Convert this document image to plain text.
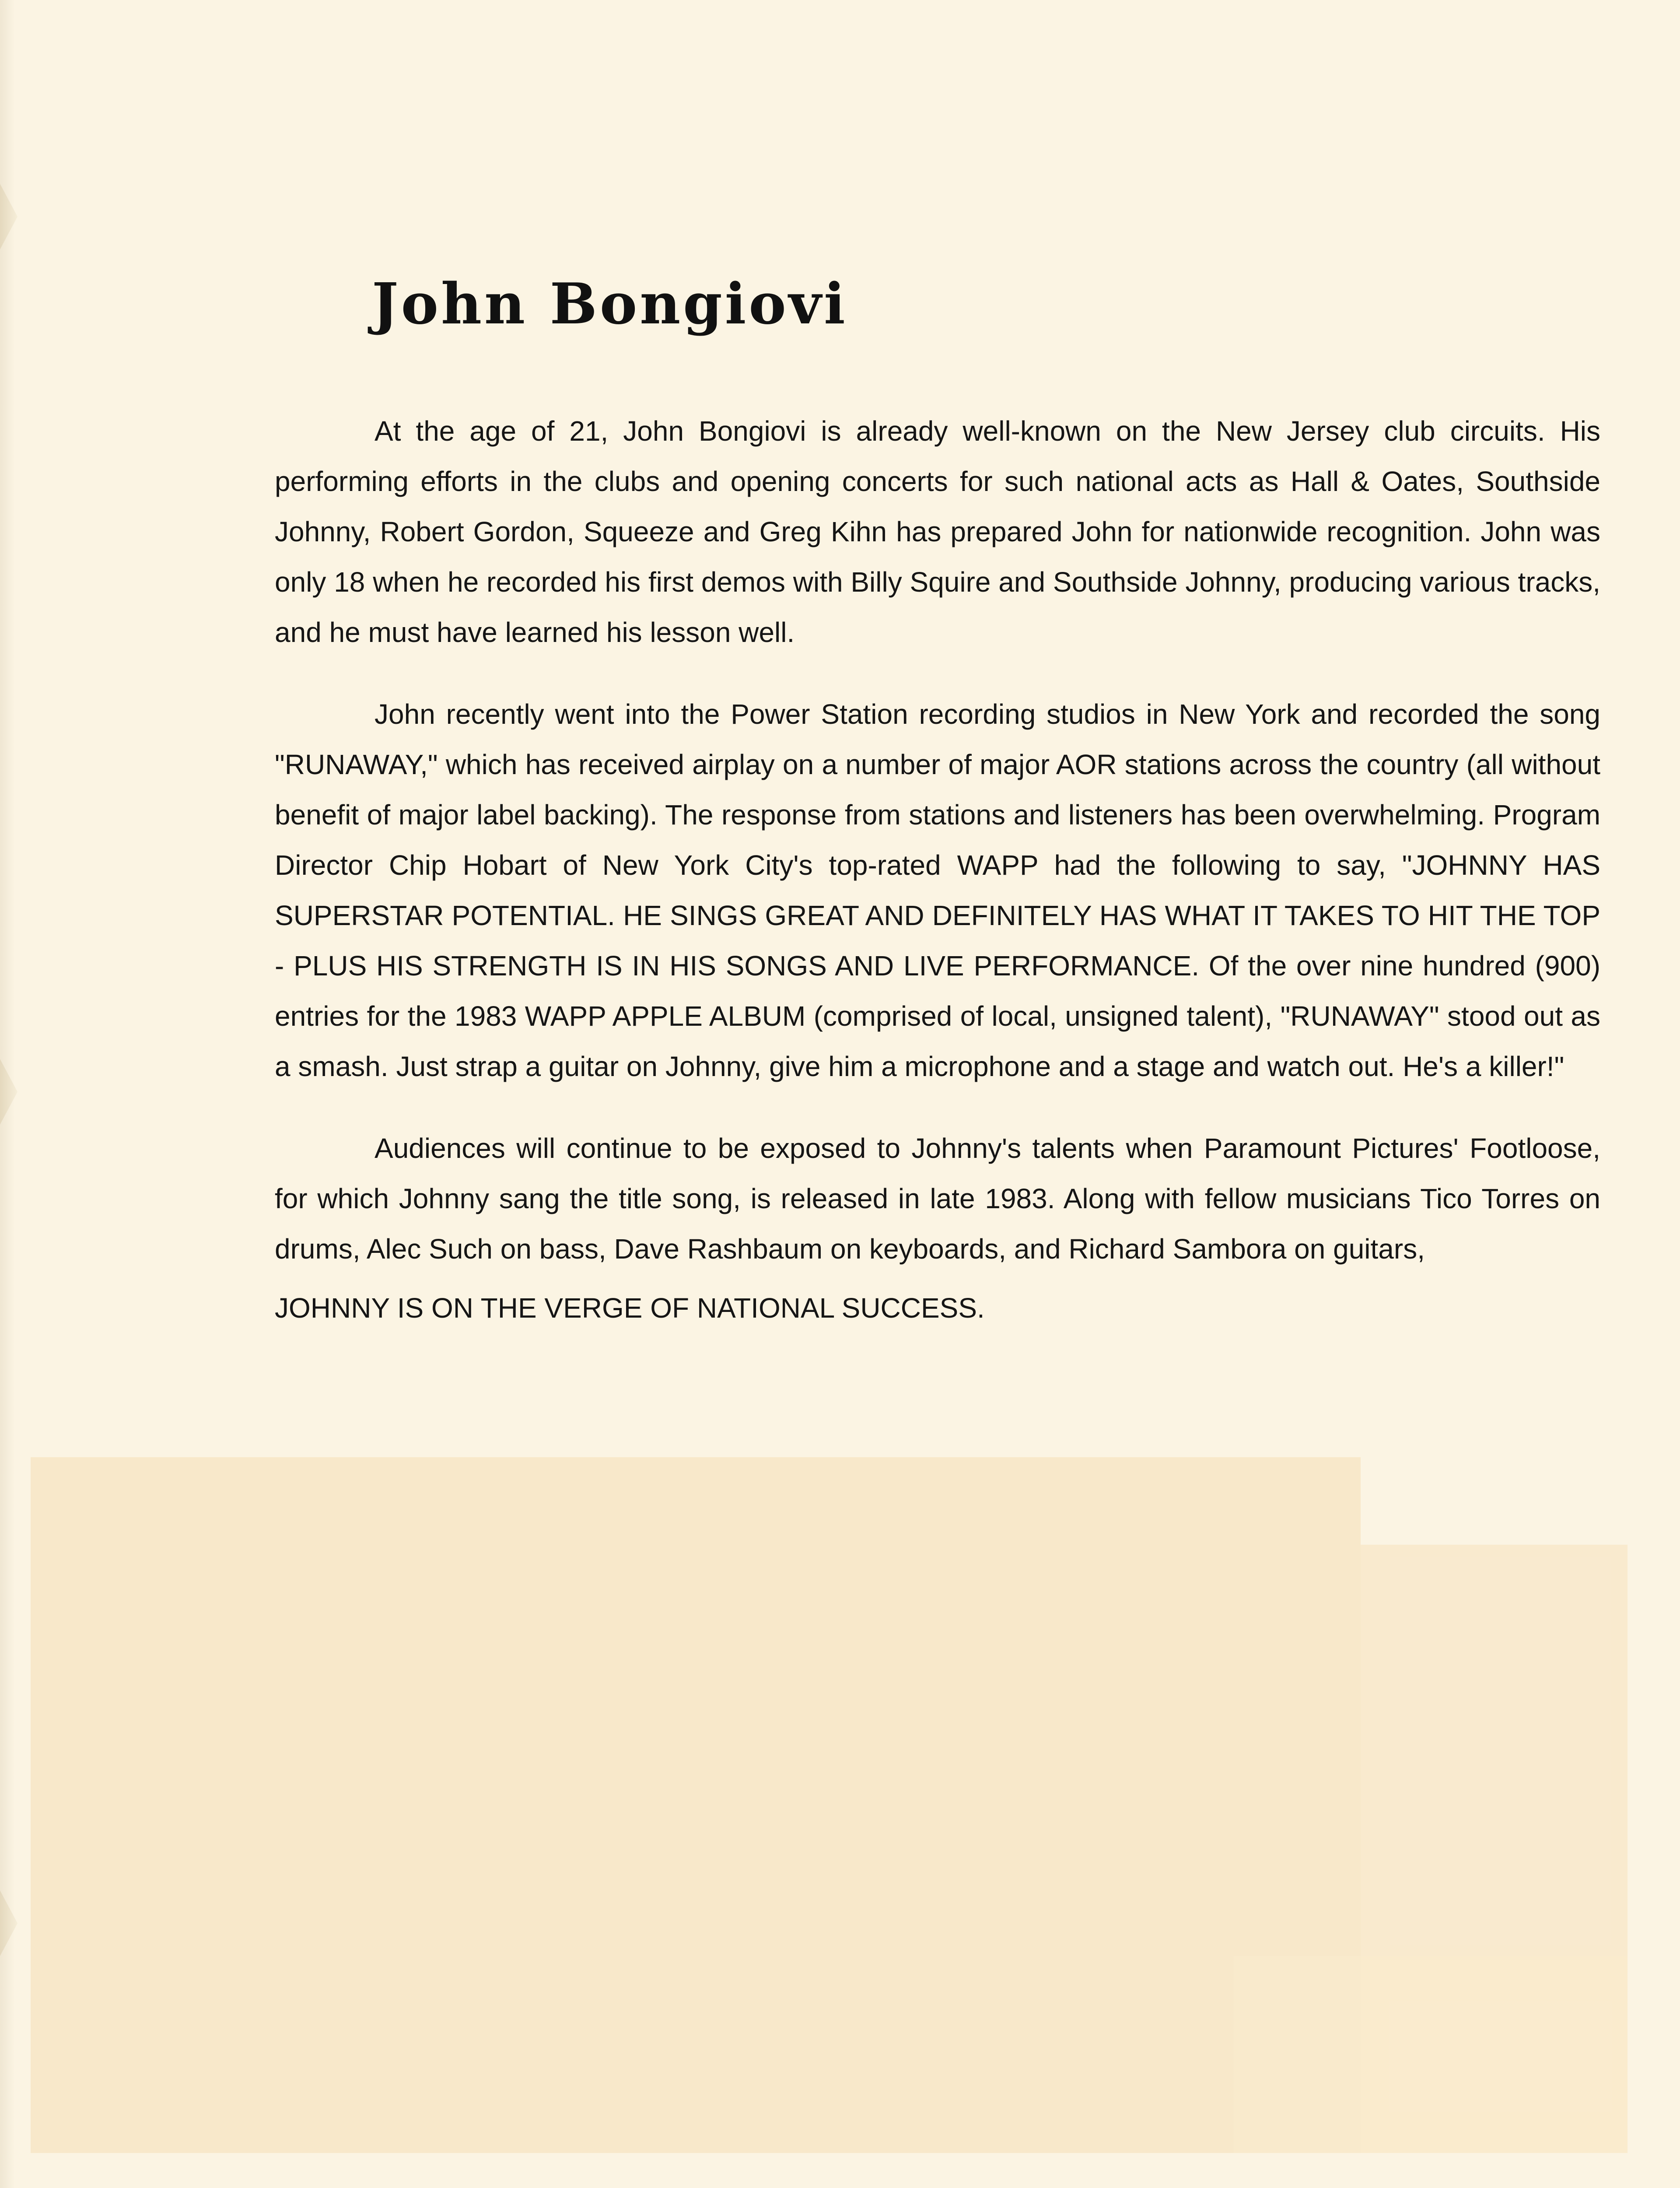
John Bongiovi

At the age of 21, John Bongiovi is already well-known on the New Jersey club circuits. His performing efforts in the clubs and opening concerts for such national acts as Hall & Oates, Southside Johnny, Robert Gordon, Squeeze and Greg Kihn has prepared John for nationwide recognition. John was only 18 when he recorded his first demos with Billy Squire and Southside Johnny, producing various tracks, and he must have learned his lesson well.

John recently went into the Power Station recording studios in New York and recorded the song "RUNAWAY," which has received airplay on a number of major AOR stations across the country (all without benefit of major label backing). The response from stations and listeners has been overwhelming. Program Director Chip Hobart of New York City's top-rated WAPP had the following to say, "JOHNNY HAS SUPERSTAR POTENTIAL. HE SINGS GREAT AND DEFINITELY HAS WHAT IT TAKES TO HIT THE TOP - PLUS HIS STRENGTH IS IN HIS SONGS AND LIVE PERFORMANCE. Of the over nine hundred (900) entries for the 1983 WAPP APPLE ALBUM (comprised of local, unsigned talent), "RUNAWAY" stood out as a smash. Just strap a guitar on Johnny, give him a microphone and a stage and watch out. He's a killer!"

Audiences will continue to be exposed to Johnny's talents when Paramount Pictures' Footloose, for which Johnny sang the title song, is released in late 1983. Along with fellow musicians Tico Torres on drums, Alec Such on bass, Dave Rashbaum on keyboards, and Richard Sambora on guitars,

JOHNNY IS ON THE VERGE OF NATIONAL SUCCESS.
